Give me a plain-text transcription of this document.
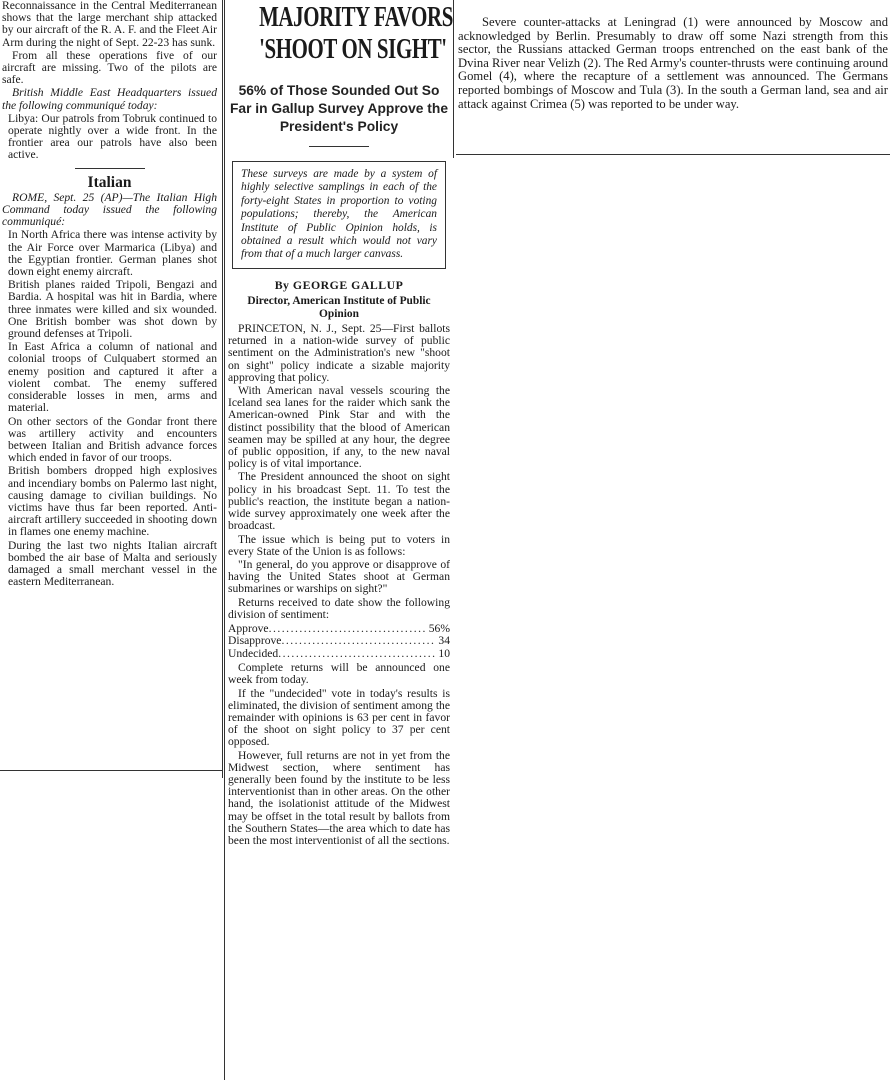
Reconnaissance in the Central Mediterranean shows that the large merchant ship attacked by our aircraft of the R. A. F. and the Fleet Air Arm during the night of Sept. 22-23 has sunk.

From all these operations five of our aircraft are missing. Two of the pilots are safe.

British Middle East Headquarters issued the following communiqué today:

Libya: Our patrols from Tobruk continued to operate nightly over a wide front. In the frontier area our patrols have also been active.

Italian

ROME, Sept. 25 (AP)—The Italian High Command today issued the following communiqué:

In North Africa there was intense activity by the Air Force over Marmarica (Libya) and the Egyptian frontier. German planes shot down eight enemy aircraft.

British planes raided Tripoli, Bengazi and Bardia. A hospital was hit in Bardia, where three inmates were killed and six wounded. One British bomber was shot down by ground defenses at Tripoli.

In East Africa a column of national and colonial troops of Culquabert stormed an enemy position and captured it after a violent combat. The enemy suffered considerable losses in men, arms and material.

On other sectors of the Gondar front there was artillery activity and encounters between Italian and British advance forces which ended in favor of our troops.

British bombers dropped high explosives and incendiary bombs on Palermo last night, causing damage to civilian buildings. No victims have thus far been reported. Anti-aircraft artillery succeeded in shooting down in flames one enemy machine.

During the last two nights Italian aircraft bombed the air base of Malta and seriously damaged a small merchant vessel in the eastern Mediterranean.

MAJORITY FAVORS
'SHOOT ON SIGHT'
56% of Those Sounded Out So Far in Gallup Survey Approve the President's Policy

These surveys are made by a system of highly selective samplings in each of the forty-eight States in proportion to voting populations; thereby, the American Institute of Public Opinion holds, is obtained a result which would not vary from that of a much larger canvass.

By GEORGE GALLUP
Director, American Institute of Public Opinion

PRINCETON, N. J., Sept. 25—First ballots returned in a nation-wide survey of public sentiment on the Administration's new "shoot on sight" policy indicate a sizable majority approving that policy.

With American naval vessels scouring the Iceland sea lanes for the raider which sank the American-owned Pink Star and with the distinct possibility that the blood of American seamen may be spilled at any hour, the degree of public opposition, if any, to the new naval policy is of vital importance.

The President announced the shoot on sight policy in his broadcast Sept. 11. To test the public's reaction, the institute began a nation-wide survey approximately one week after the broadcast.

The issue which is being put to voters in every State of the Union is as follows:

"In general, do you approve or disapprove of having the United States shoot at German submarines or warships on sight?"

Returns received to date show the following division of sentiment:

Approve .....	56%
Disapprove .....	34
Undecided .....	10

Complete returns will be announced one week from today.

If the "undecided" vote in today's results is eliminated, the division of sentiment among the remainder with opinions is 63 per cent in favor of the shoot on sight policy to 37 per cent opposed.

However, full returns are not in yet from the Midwest section, where sentiment has generally been found by the institute to be less interventionist than in other areas. On the other hand, the isolationist attitude of the Midwest may be offset in the total result by ballots from the Southern States—the area which to date has been the most interventionist of all the sections.

Severe counter-attacks at Leningrad (1) were announced by Moscow and acknowledged by Berlin. Presumably to draw off some Nazi strength from this sector, the Russians attacked German troops entrenched on the east bank of the Dvina River near Velizh (2). The Red Army's counter-thrusts were continuing around Gomel (4), where the recapture of a settlement was announced. The Germans reported bombings of Moscow and Tula (3). In the south a German land, sea and air attack against Crimea (5) was reported to be under way.
